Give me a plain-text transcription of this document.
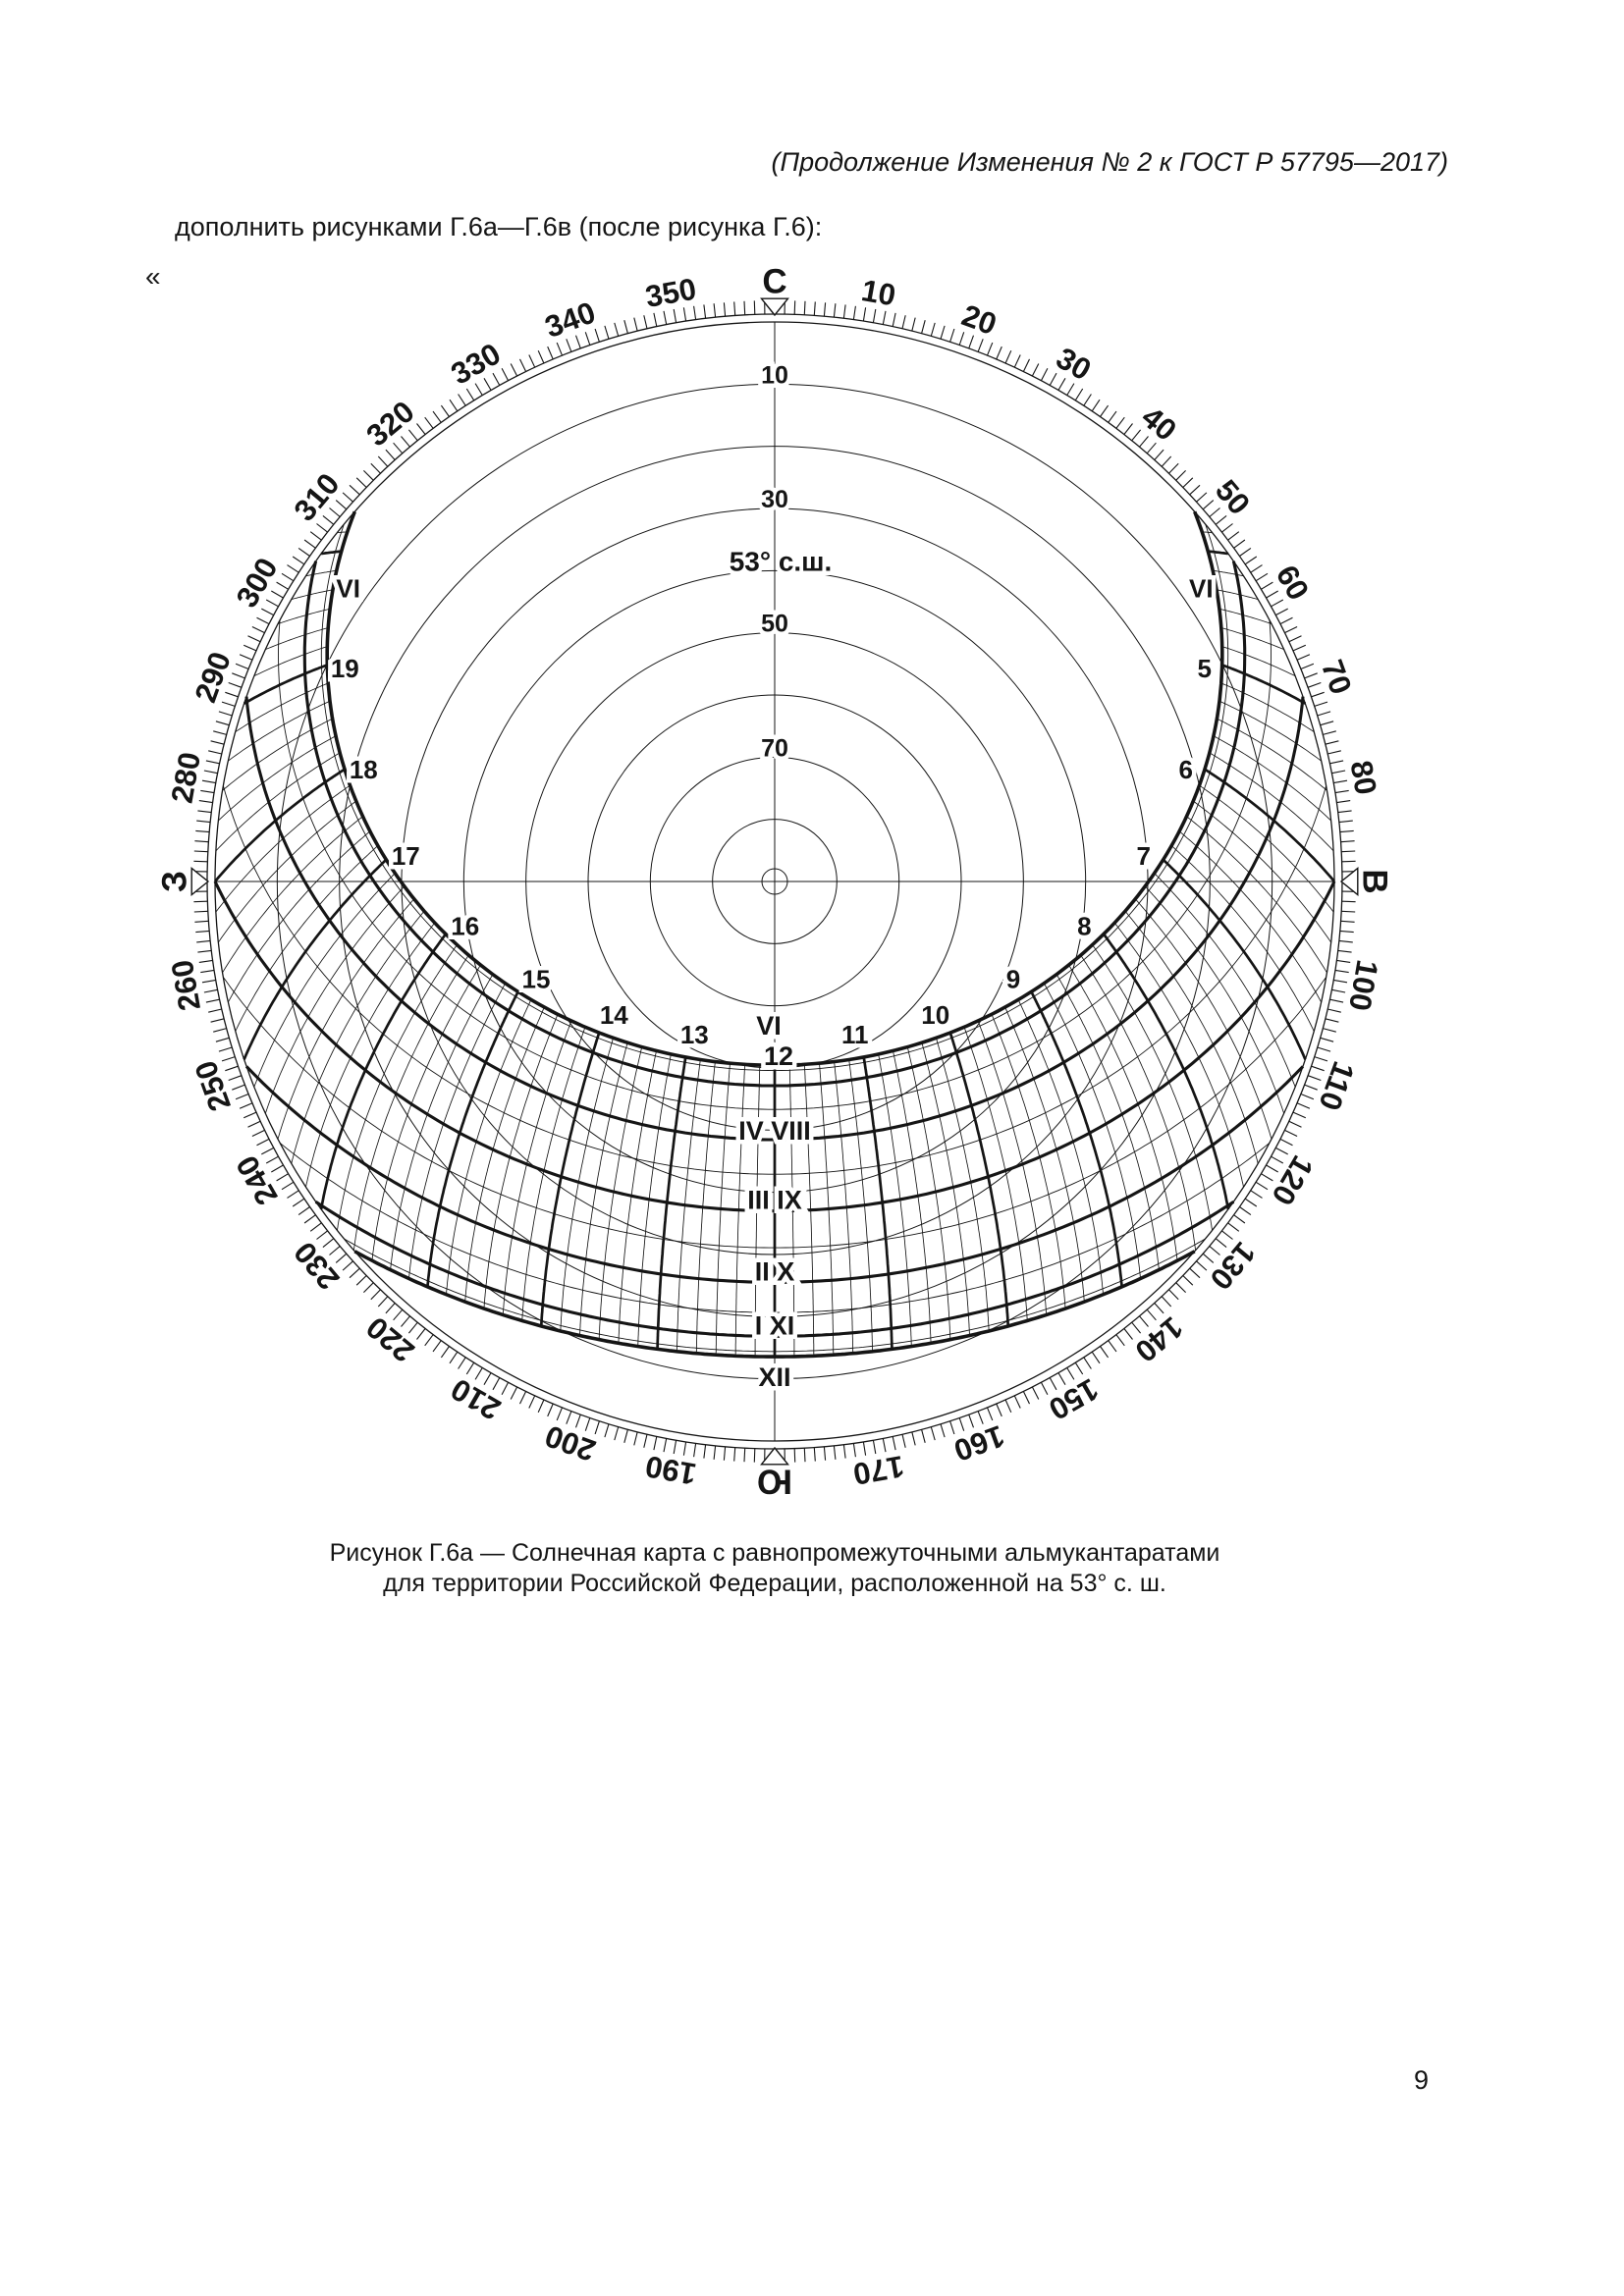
(Продолжение Изменения № 2 к ГОСТ Р 57795—2017)
дополнить рисунками Г.6а—Г.6в (после рисунка Г.6):
«	10
20
30
40
50
60
70
80
100
110
120
130
140
150
160
170
190
200
210
220
230
240
250
260
280
290
300
310
320
330
340
350 С
В
Ю
З
10
30
50
70
53° с.ш.
VI
12
IV VIII
III IX
II X
I XI
XII
5
6
7
8
9
10
11
13
14
15
16
17
18
19
VI	VI
Рисунок Г.6а — Солнечная карта с равнопромежуточными альмукантаратами
для территории Российской Федерации, расположенной на 53° с. ш.
9
